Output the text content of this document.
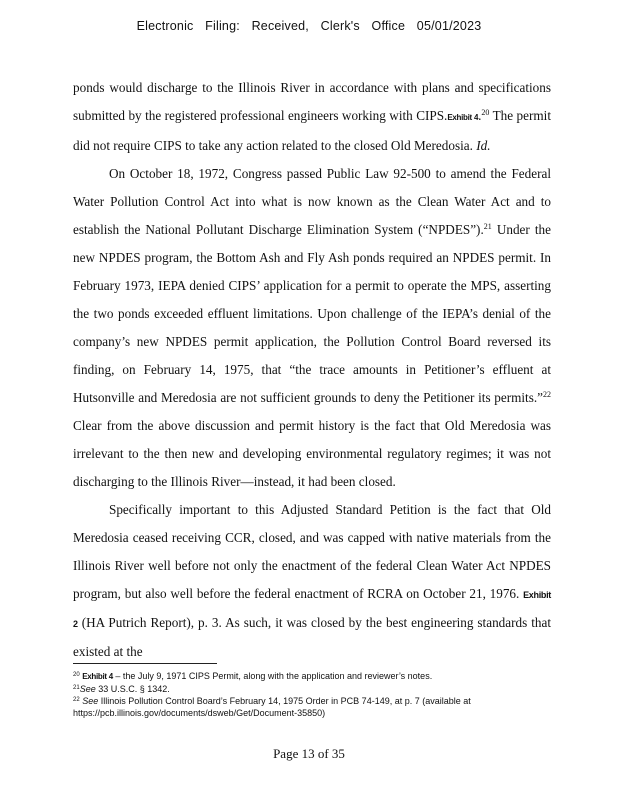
Electronic Filing: Received, Clerk's Office 05/01/2023

ponds would discharge to the Illinois River in accordance with plans and specifications submitted by the registered professional engineers working with CIPS.Exhibit 4.20 The permit did not require CIPS to take any action related to the closed Old Meredosia. Id.

On October 18, 1972, Congress passed Public Law 92-500 to amend the Federal Water Pollution Control Act into what is now known as the Clean Water Act and to establish the National Pollutant Discharge Elimination System (“NPDES”).$^{21}$ Under the new NPDES program, the Bottom Ash and Fly Ash ponds required an NPDES permit. In February 1973, IEPA denied CIPS’ application for a permit to operate the MPS, asserting the two ponds exceeded effluent limitations. Upon challenge of the IEPA’s denial of the company’s new NPDES permit application, the Pollution Control Board reversed its finding, on February 14, 1975, that “the trace amounts in Petitioner’s effluent at Hutsonville and Meredosia are not sufficient grounds to deny the Petitioner its permits.”$^{22}$ Clear from the above discussion and permit history is the fact that Old Meredosia was irrelevant to the then new and developing environmental regulatory regimes; it was not discharging to the Illinois River—instead, it had been closed.

Specifically important to this Adjusted Standard Petition is the fact that Old Meredosia ceased receiving CCR, closed, and was capped with native materials from the Illinois River well before not only the enactment of the federal Clean Water Act NPDES program, but also well before the federal enactment of RCRA on October 21, 1976. Exhibit 2 (HA Putrich Report), p. 3. As such, it was closed by the best engineering standards that existed at the

$^{20}$ Exhibit 4 – the July 9, 1971 CIPS Permit, along with the application and reviewer’s notes.
$^{21}$See 33 U.S.C. § 1342.
$^{22}$ See Illinois Pollution Control Board’s February 14, 1975 Order in PCB 74-149, at p. 7 (available at
https://pcb.illinois.gov/documents/dsweb/Get/Document-35850)
Page 13 of 35
